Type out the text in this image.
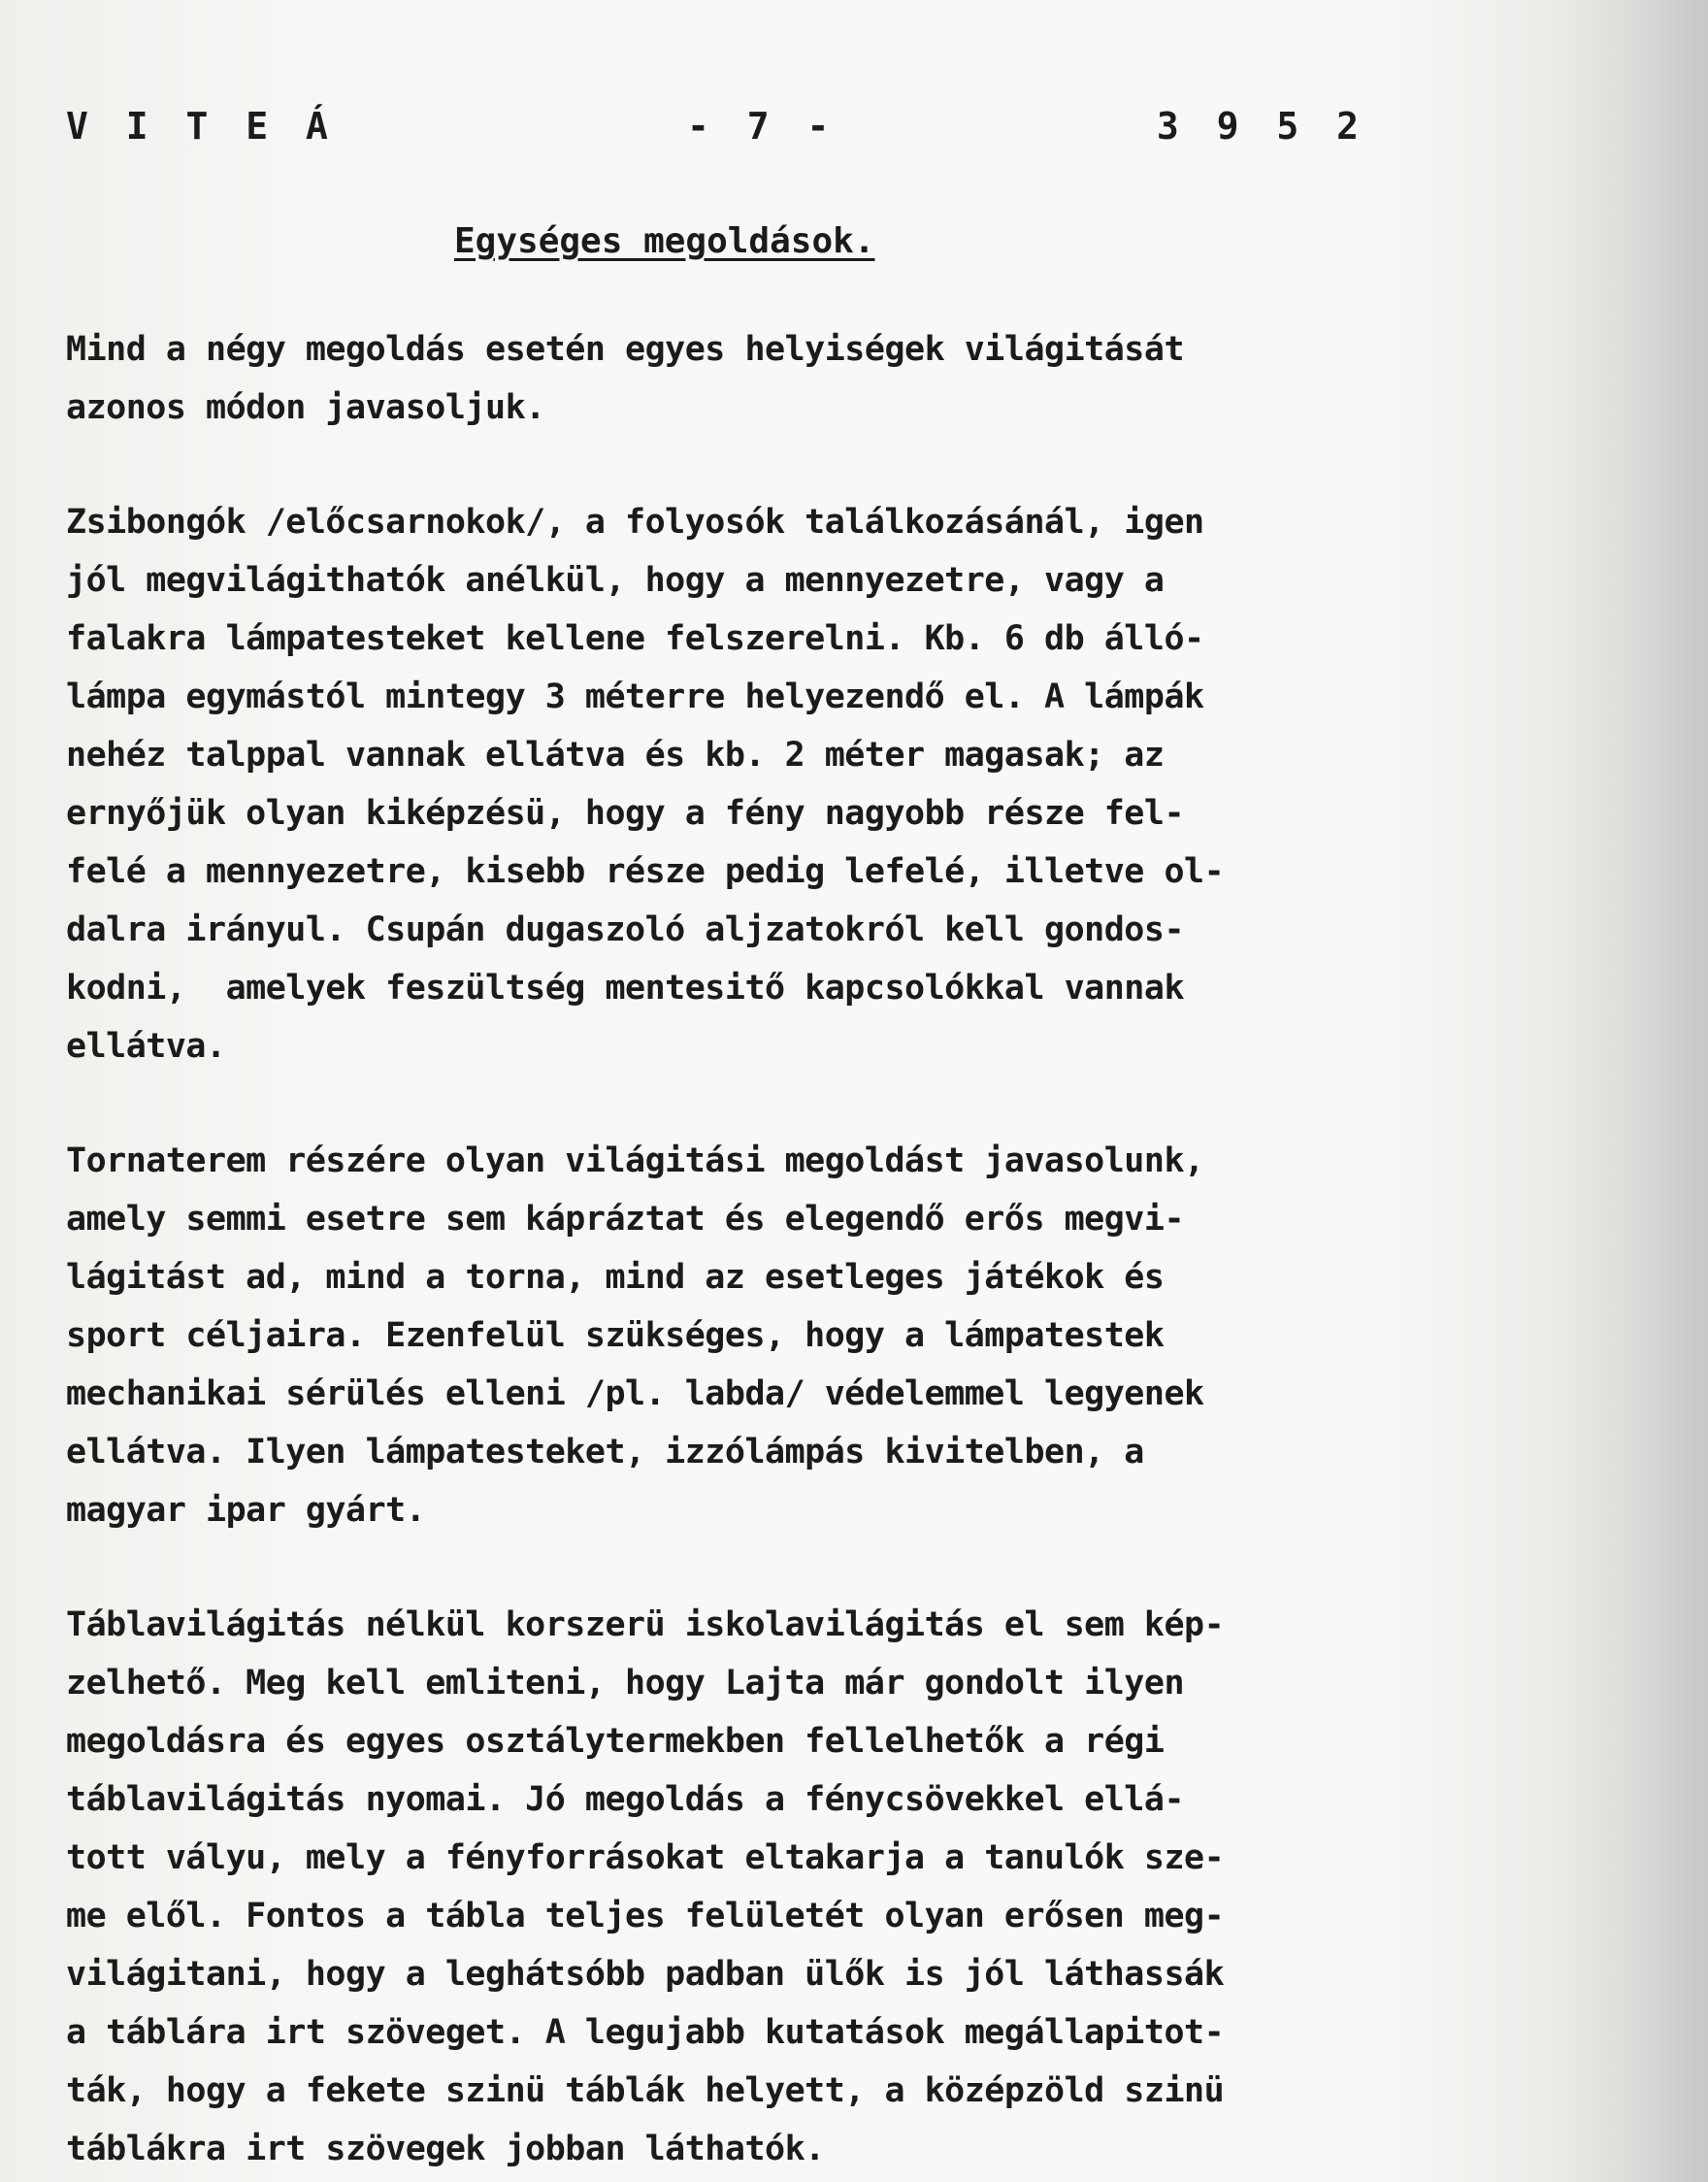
V I T E Á	- 7 -	3 9 5 2
Egységes megoldások.
Mind a négy megoldás esetén egyes helyiségek világitását
azonos módon javasoljuk.
Zsibongók /előcsarnokok/, a folyosók találkozásánál, igen
jól megvilágithatók anélkül, hogy a mennyezetre, vagy a
falakra lámpatesteket kellene felszerelni. Kb. 6 db álló-
lámpa egymástól mintegy 3 méterre helyezendő el. A lámpák
nehéz talppal vannak ellátva és kb. 2 méter magasak; az
ernyőjük olyan kiképzésü, hogy a fény nagyobb része fel-
felé a mennyezetre, kisebb része pedig lefelé, illetve ol-
dalra irányul. Csupán dugaszoló aljzatokról kell gondos-
kodni,  amelyek feszültség mentesitő kapcsolókkal vannak
ellátva.
Tornaterem részére olyan világitási megoldást javasolunk,
amely semmi esetre sem kápráztat és elegendő erős megvi-
lágitást ad, mind a torna, mind az esetleges játékok és
sport céljaira. Ezenfelül szükséges, hogy a lámpatestek
mechanikai sérülés elleni /pl. labda/ védelemmel legyenek
ellátva. Ilyen lámpatesteket, izzólámpás kivitelben, a
magyar ipar gyárt.
Táblavilágitás nélkül korszerü iskolavilágitás el sem kép-
zelhető. Meg kell emliteni, hogy Lajta már gondolt ilyen
megoldásra és egyes osztálytermekben fellelhetők a régi
táblavilágitás nyomai. Jó megoldás a fénycsövekkel ellá-
tott vályu, mely a fényforrásokat eltakarja a tanulók sze-
me elől. Fontos a tábla teljes felületét olyan erősen meg-
világitani, hogy a leghátsóbb padban ülők is jól láthassák
a táblára irt szöveget. A legujabb kutatások megállapitot-
ták, hogy a fekete szinü táblák helyett, a középzöld szinü
táblákra irt szövegek jobban láthatók.
